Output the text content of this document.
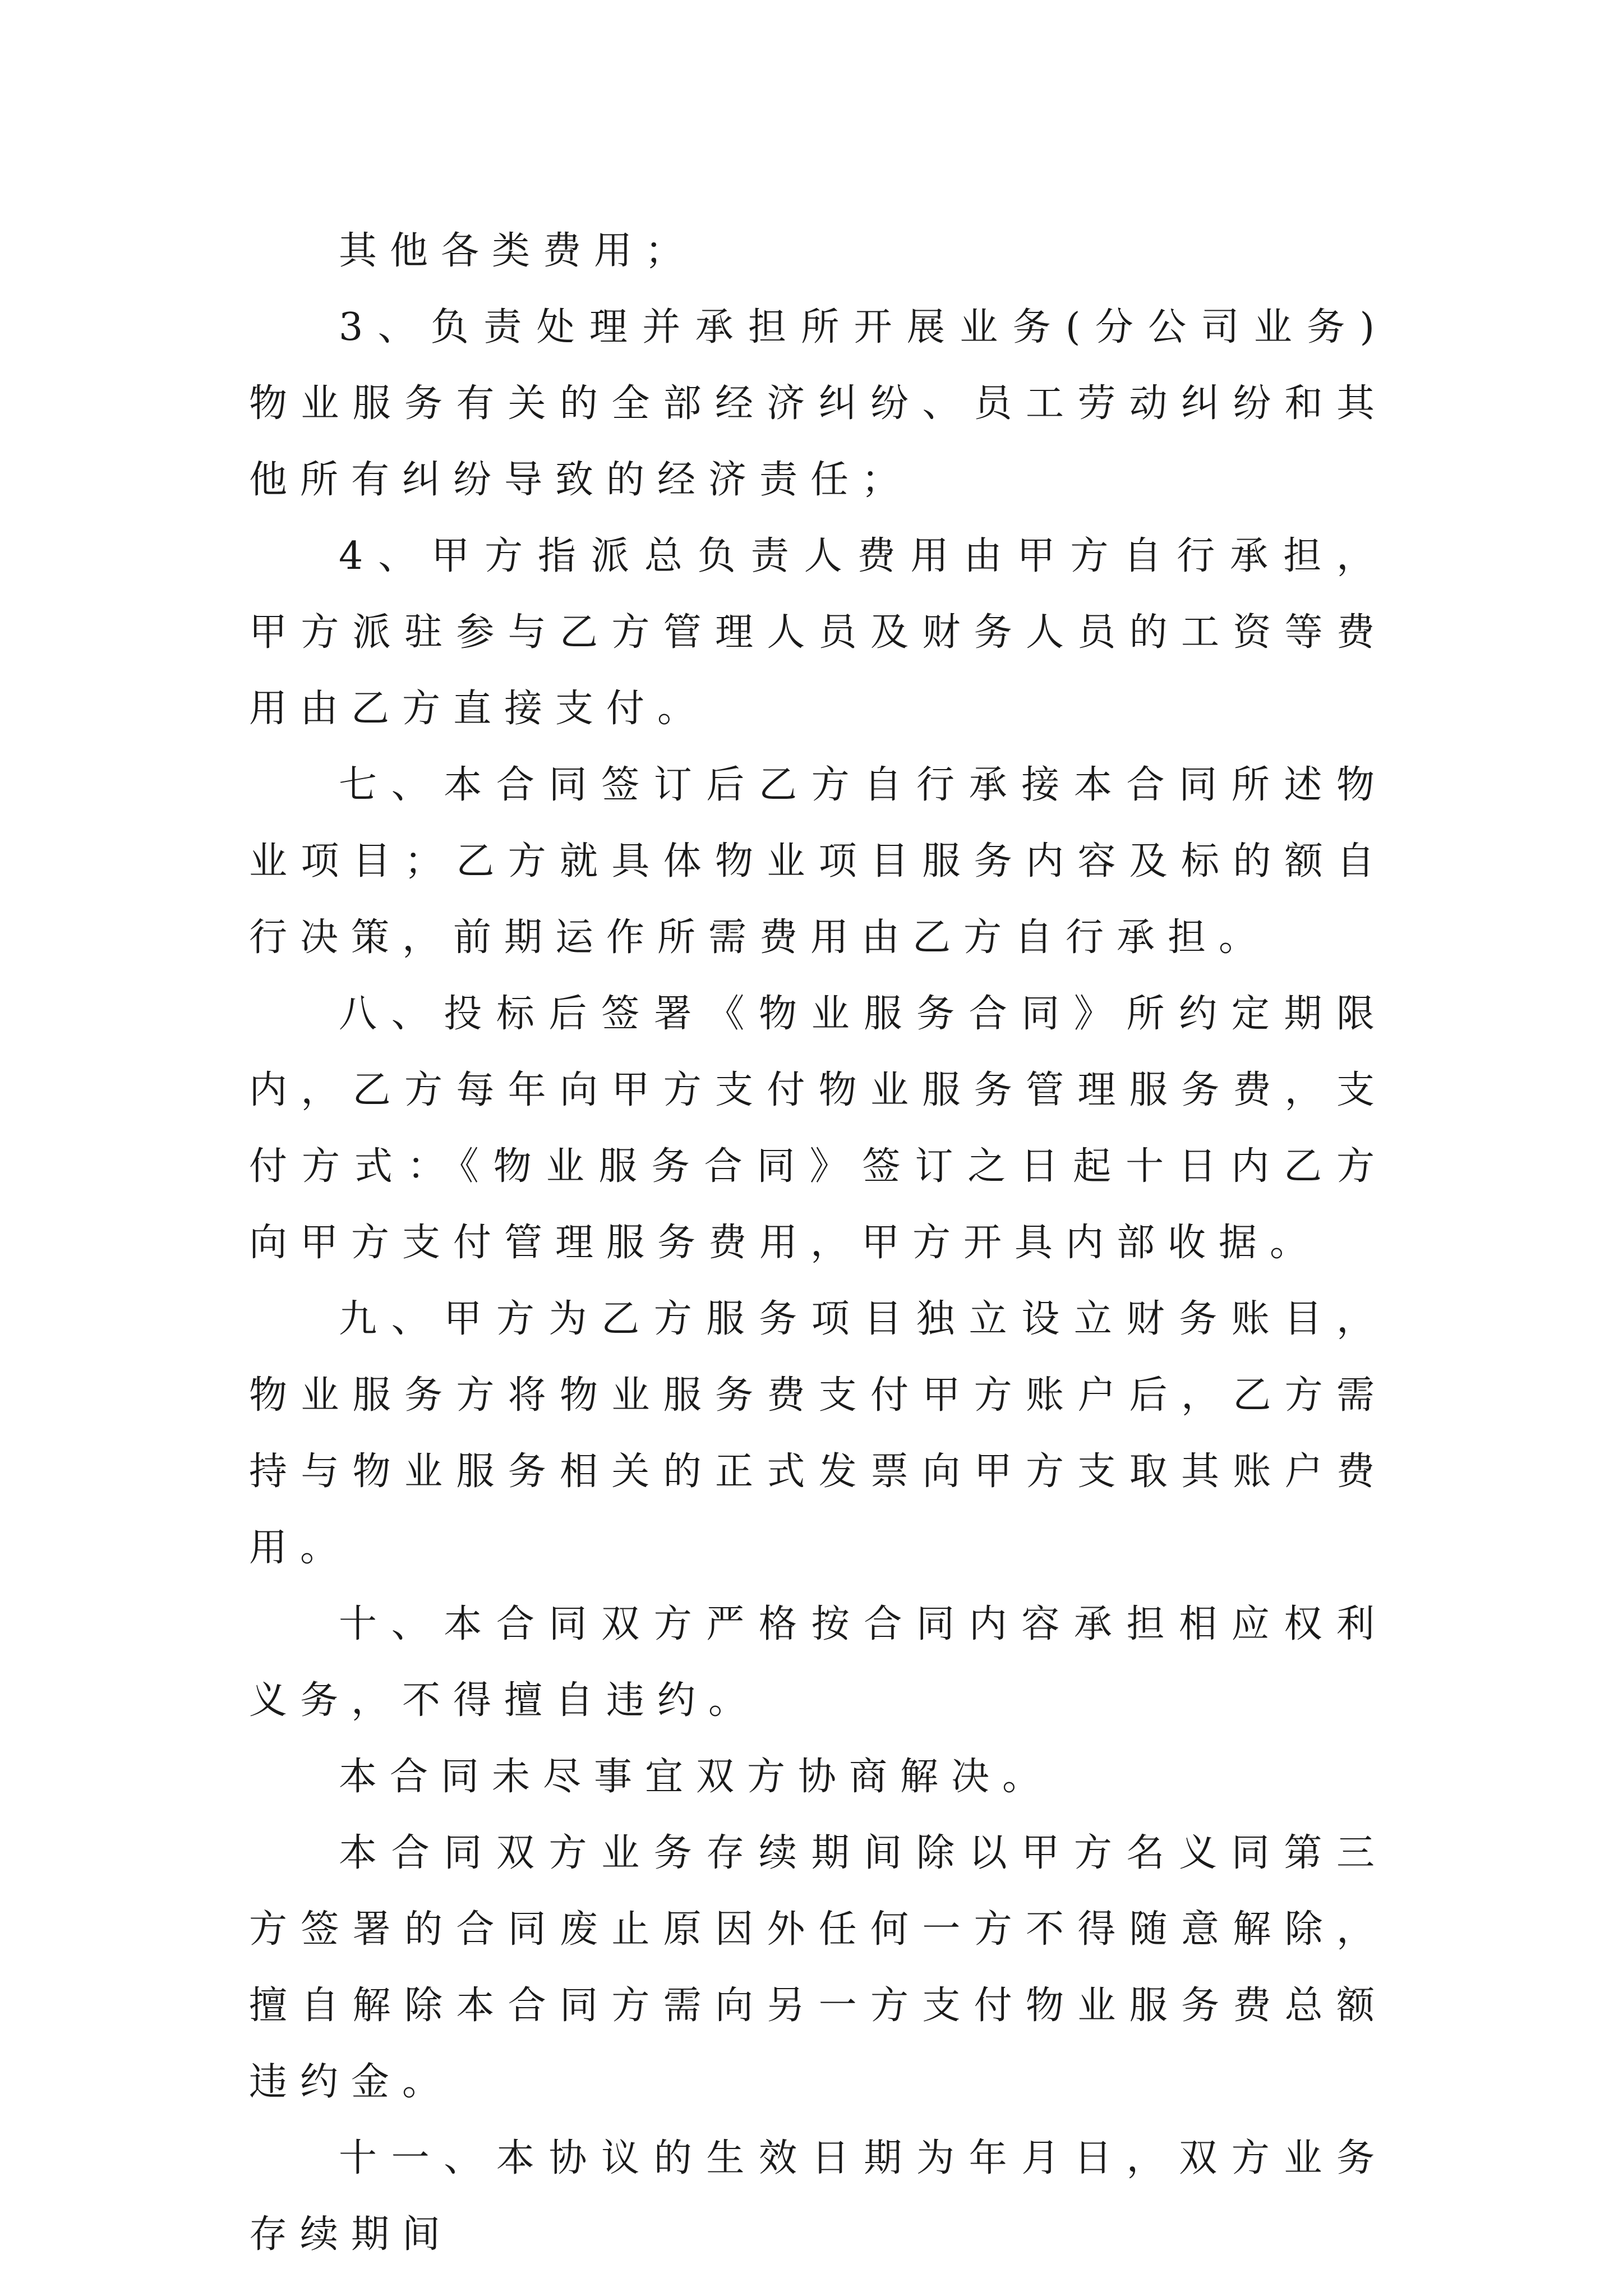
其他各类费用；

3、负责处理并承担所开展业务(分公司业务)物业服务有关的全部经济纠纷、员工劳动纠纷和其他所有纠纷导致的经济责任；

4、甲方指派总负责人费用由甲方自行承担，甲方派驻参与乙方管理人员及财务人员的工资等费用由乙方直接支付。

七、本合同签订后乙方自行承接本合同所述物业项目；乙方就具体物业项目服务内容及标的额自行决策，前期运作所需费用由乙方自行承担。

八、投标后签署《物业服务合同》所约定期限内，乙方每年向甲方支付物业服务管理服务费，支付方式：《物业服务合同》签订之日起十日内乙方向甲方支付管理服务费用，甲方开具内部收据。

九、甲方为乙方服务项目独立设立财务账目，物业服务方将物业服务费支付甲方账户后，乙方需持与物业服务相关的正式发票向甲方支取其账户费用。

十、本合同双方严格按合同内容承担相应权利义务，不得擅自违约。

本合同未尽事宜双方协商解决。

本合同双方业务存续期间除以甲方名义同第三方签署的合同废止原因外任何一方不得随意解除，擅自解除本合同方需向另一方支付物业服务费总额违约金。

十一、本协议的生效日期为年月日，双方业务存续期间
